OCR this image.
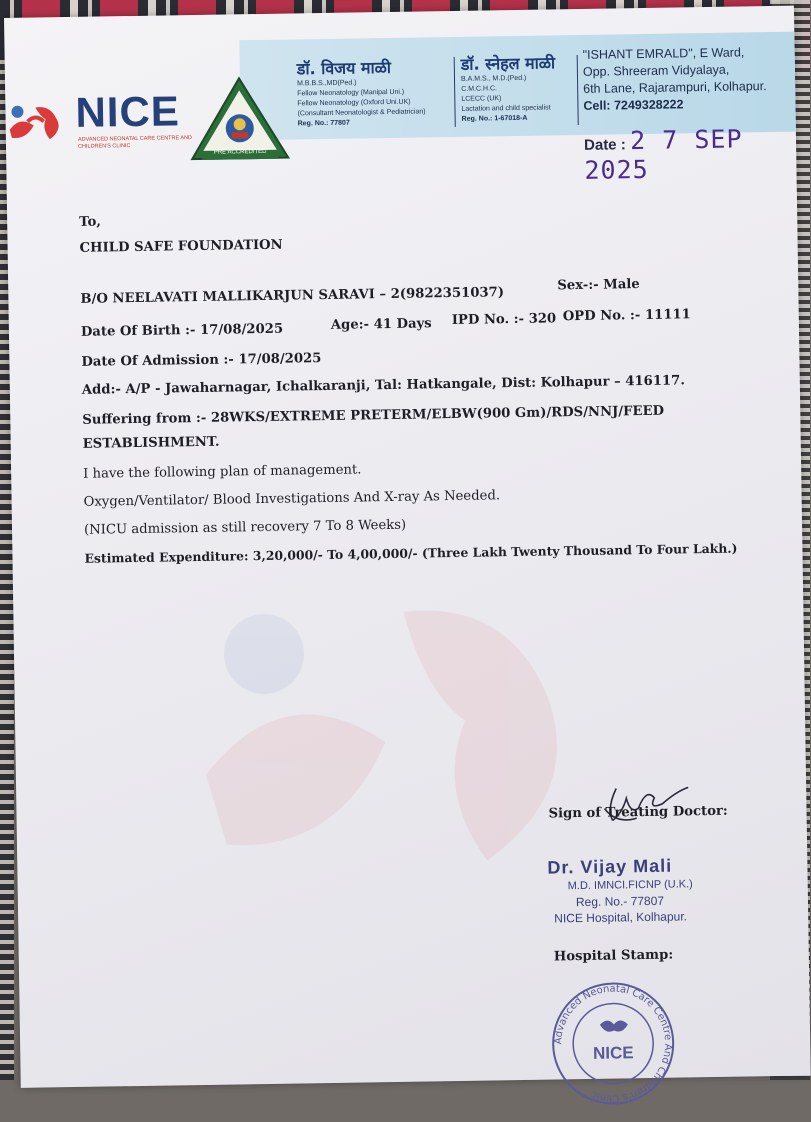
NICE
ADVANCED NEONATAL CARE CENTRE AND CHILDREN'S CLINIC
PRE ACCREDITED
डॉ. विजय माळी
M.B.B.S.,MD(Ped.)
Fellow Neonatology (Manipal Uni.)
Fellow Neonatology (Oxford Uni.UK)
(Consultant Neonatologist & Pediatrician)
Reg. No.: 77807
डॉ. स्नेहल माळी
B.A.M.S., M.D.(Ped.)
C.M.C.H.C.
LCECC (UK)
Lactation and child specialist
Reg. No.: 1-67018-A
"ISHANT EMRALD", E Ward,
Opp. Shreeram Vidyalaya,
6th Lane, Rajarampuri, Kolhapur.
Cell: 7249328222
Date : 2 7 SEP 2025
To,
CHILD SAFE FOUNDATION
B/O NEELAVATI MALLIKARJUN SARAVI – 2(9822351037)	Sex-:- Male
Date Of Birth :- 17/08/2025	Age:- 41 Days IPD No. :- 320 OPD No. :- 11111
Date Of Admission :- 17/08/2025
Add:- A/P - Jawaharnagar, Ichalkaranji, Tal: Hatkangale, Dist: Kolhapur – 416117.
Suffering from :- 28WKS/EXTREME PRETERM/ELBW(900 Gm)/RDS/NNJ/FEED
ESTABLISHMENT.
I have the following plan of management.
Oxygen/Ventilator/ Blood Investigations And X-ray As Needed.
(NICU admission as still recovery 7 To 8 Weeks)
Estimated Expenditure: 3,20,000/- To 4,00,000/- (Three Lakh Twenty Thousand To Four Lakh.)
Sign of Treating Doctor:
Dr. Vijay Mali
M.D. IMNCI.FICNP (U.K.)
Reg. No.- 77807
NICE Hospital, Kolhapur.
Hospital Stamp:
Advanced Neonatal Care Centre And Children's Clinic
NICE
